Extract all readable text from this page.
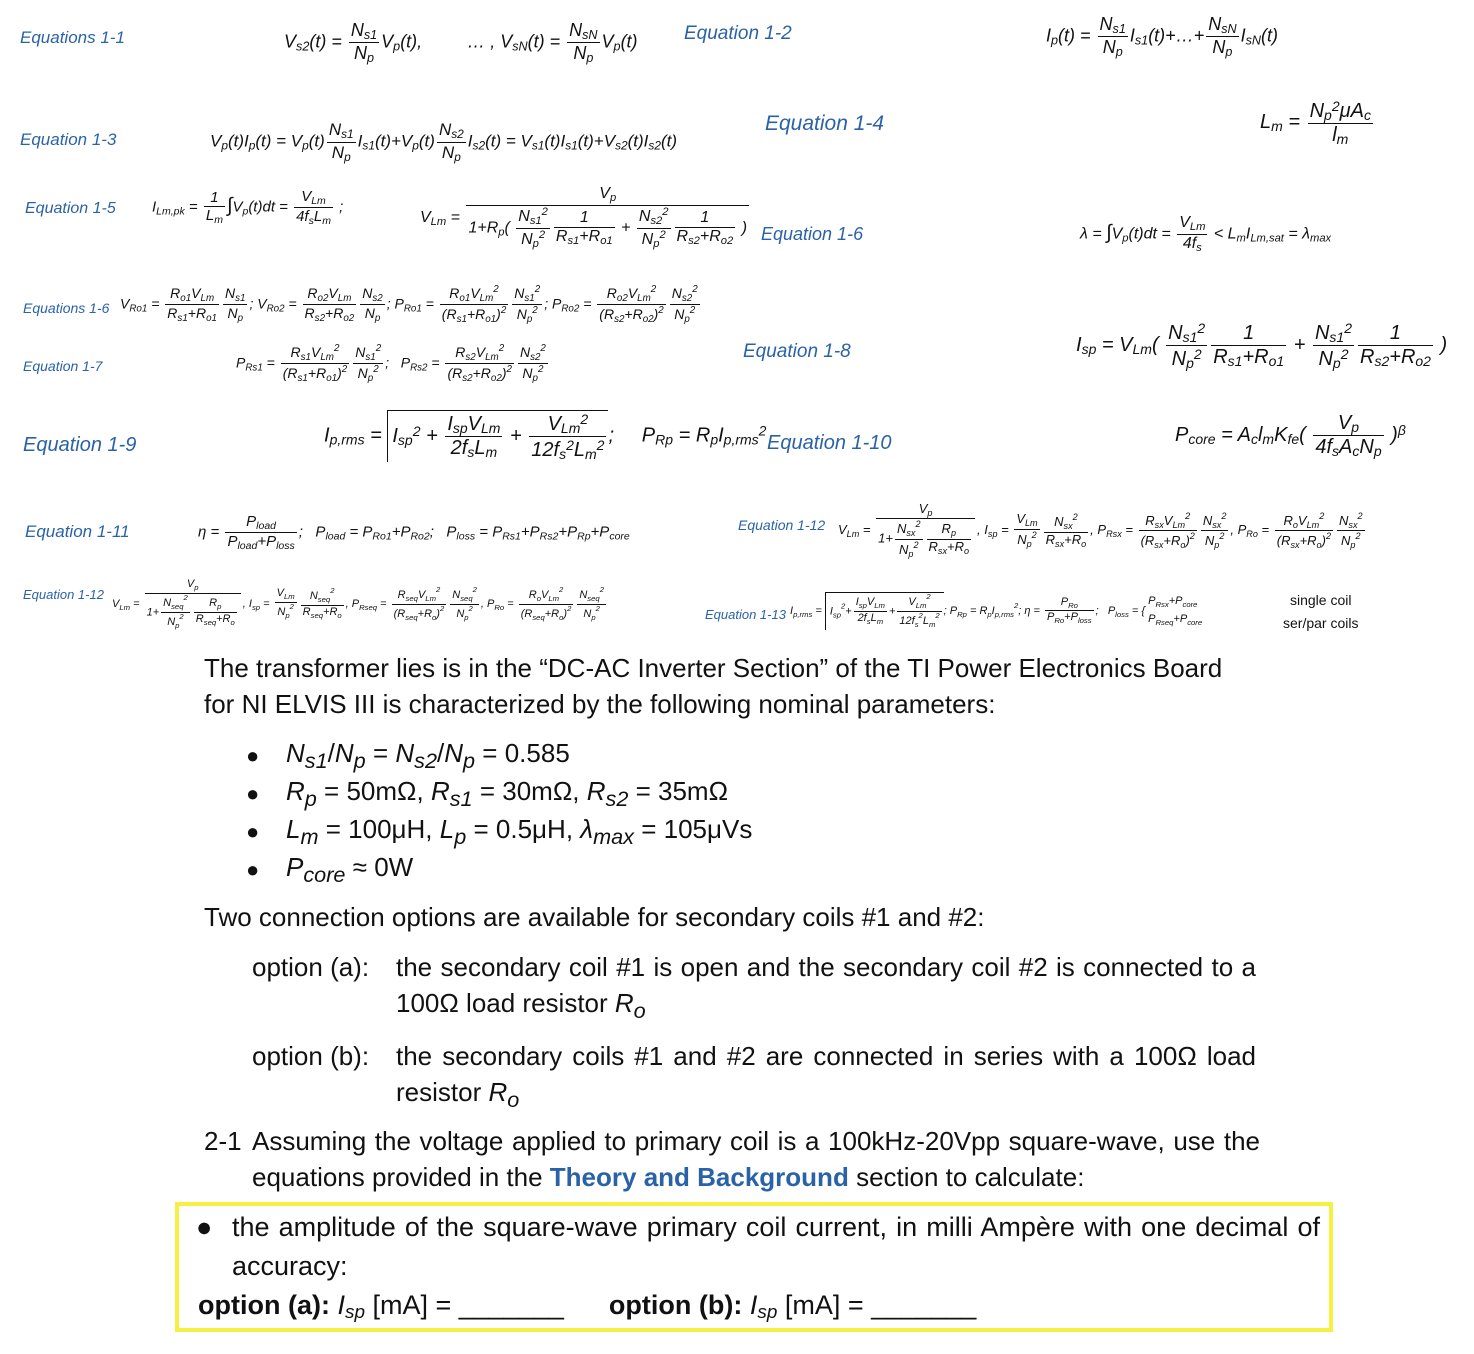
Equations 1-1	Equation 1-2
Equation 1-3
Equation 1-4
Equation 1-5
Equation 1-6
Equations 1-6
Equation 1-7
Equation 1-8
Equation 1-9	Equation 1-10
Equation 1-11	Equation 1-12
Equation 1-12
Equation 1-13
$V_{s2}(t) = \frac{N_{s1}}{N_p} V_p(t)$,         … , $V_{sN}(t) = \frac{N_{sN}}{N_p} V_p(t)$	$I_p(t) = \frac{N_{s1}}{N_p}$ $I_{s1}(t)+\dots+ \frac{N_{sN}}{N_p} I_{sN}(t)$
$V_p(t)I_p(t) = V_p(t) \frac{N_{s1}}{N_p} I_{s1}(t)+V_p(t) \frac{N_{s2}}{N_p} I_{s2}(t) = V_{s1}(t)I_{s1}(t)+V_{s2}(t)I_{s2}(t)$
$L_m = \frac{N_p^2\mu A_c}{l_m}$
$I_{Lm,pk} = \frac{1}{L_m} \int V_p(t)dt = \frac{V_{Lm}}{4f_sL_m}$ ;
$V_{Lm} = \frac{V_p}{1+R_p( \frac{N_{s1}^2}{N_p^2} \frac{1}{R_{s1}+R_{o1}} + \frac{N_{s2}^2}{N_p^2} \frac{1}{R_{s2}+R_{o2}} )}$	$\lambda = \int V_p(t)dt = \frac{V_{Lm}}{4f_s} < L_mI_{Lm,sat} = \lambda_{max}$
$V_{Ro1} = \frac{R_{o1}V_{Lm}}{R_{s1}+R_{o1}} \frac{N_{s1}}{N_p}$ ; $V_{Ro2} = \frac{R_{o2}V_{Lm}}{R_{s2}+R_{o2}} \frac{N_{s2}}{N_p}$ ; $P_{Ro1} = \frac{R_{o1}V_{Lm}^2}{(R_{s1}+R_{o1})^2} \frac{N_{s1}^2}{N_p^2}$ ; $P_{Ro2} = \frac{R_{o2}V_{Lm}^2}{(R_{s2}+R_{o2})^2} \frac{N_{s2}^2}{N_p^2}$
$P_{Rs1} = \frac{R_{s1}V_{Lm}^2}{(R_{s1}+R_{o1})^2} \frac{N_{s1}^2}{N_p^2}$ ;   $P_{Rs2} = \frac{R_{s2}V_{Lm}^2}{(R_{s2}+R_{o2})^2} \frac{N_{s2}^2}{N_p^2}$	$I_{sp} = V_{Lm}( \frac{N_{s1}^2}{N_p^2} \frac{1}{R_{s1}+R_{o1}} + \frac{N_{s1}^2}{N_p^2} \frac{1}{R_{s2}+R_{o2}}$ )
$I_{p,rms} = I_{sp}^2 + \frac{I_{sp}V_{Lm}}{2f_sL_m} + \frac{V_{Lm}^2}{12f_s^2L_m^2}$ ;     $P_{Rp} = R_pI_{p,rms}^2$	$P_{core} = A_cl_mK_{fe}( \frac{V_p}{4f_sA_cN_p} )^\beta$
$\eta = \frac{P_{load}}{P_{load}+P_{loss}}$ ;   $P_{load} = P_{Ro1}+P_{Ro2}$;   $P_{loss} = P_{Rs1}+P_{Rs2}+P_{Rp}+P_{core}$	$V_{Lm} = \frac{V_p}{1+ \frac{N_{sx}^2}{N_p^2} \frac{R_p}{R_{sx}+R_o}}$ , $I_{sp} = \frac{V_{Lm}}{N_p^2} \frac{N_{sx}^2}{R_{sx}+R_o}$ , $P_{Rsx} = \frac{R_{sx}V_{Lm}^2}{(R_{sx}+R_o)^2} \frac{N_{sx}^2}{N_p^2}$ , $P_{Ro} = \frac{R_oV_{Lm}^2}{(R_{sx}+R_o)^2} \frac{N_{sx}^2}{N_p^2}$
$V_{Lm} = \frac{V_p}{1+ \frac{N_{seq}^2}{N_p^2} \frac{R_p}{R_{seq}+R_o}}$ , $I_{sp} = \frac{V_{Lm}}{N_p^2} \frac{N_{seq}^2}{R_{seq}+R_o}$ , $P_{Rseq} = \frac{R_{seq}V_{Lm}^2}{(R_{seq}+R_o)^2} \frac{N_{seq}^2}{N_p^2}$ , $P_{Ro} = \frac{R_oV_{Lm}^2}{(R_{seq}+R_o)^2} \frac{N_{seq}^2}{N_p^2}$	$I_{p,rms} = I_{sp}^2+ \frac{I_{sp}V_{Lm}}{2f_sL_m} + \frac{V_{Lm}^2}{12f_s^2L_m^2}$ ; $P_{Rp} = R_pI_{p,rms}^2$; $\eta = \frac{P_{Ro}}{P_{Ro}+P_{loss}}$ ;   $P_{loss}$ = { $P_{Rsx}+P_{core}$
$P_{Rseq}+P_{core}$
single coil
ser/par coils
The transformer lies is in the “DC-AC Inverter Section” of the TI Power Electronics Board
for NI ELVIS III is characterized by the following nominal parameters:
●	$N_{s1}/N_p = N_{s2}/N_p = 0.585$
●	$R_p = 50m\Omega$, $R_{s1} = 30m\Omega$, $R_{s2} = 35m\Omega$
●	$L_m = 100\mu H$, $L_p = 0.5\mu H$, $\lambda_{max} = 105\mu Vs$
●	$P_{core} \approx 0W$
Two connection options are available for secondary coils #1 and #2:
option (a): the secondary coil #1 is open and the secondary coil #2 is connected to a 100Ω load resistor $R_o$
option (b): the secondary coils #1 and #2 are connected in series with a 100Ω load resistor $R_o$
2-1 Assuming the voltage applied to primary coil is a 100kHz-20Vpp square-wave, use the equations provided in the Theory and Background section to calculate:
● the amplitude of the square-wave primary coil current, in milli Ampère with one decimal of accuracy:
option (a): $I_{sp}$ [mA] = _______ option (b): $I_{sp}$ [mA] = _______
